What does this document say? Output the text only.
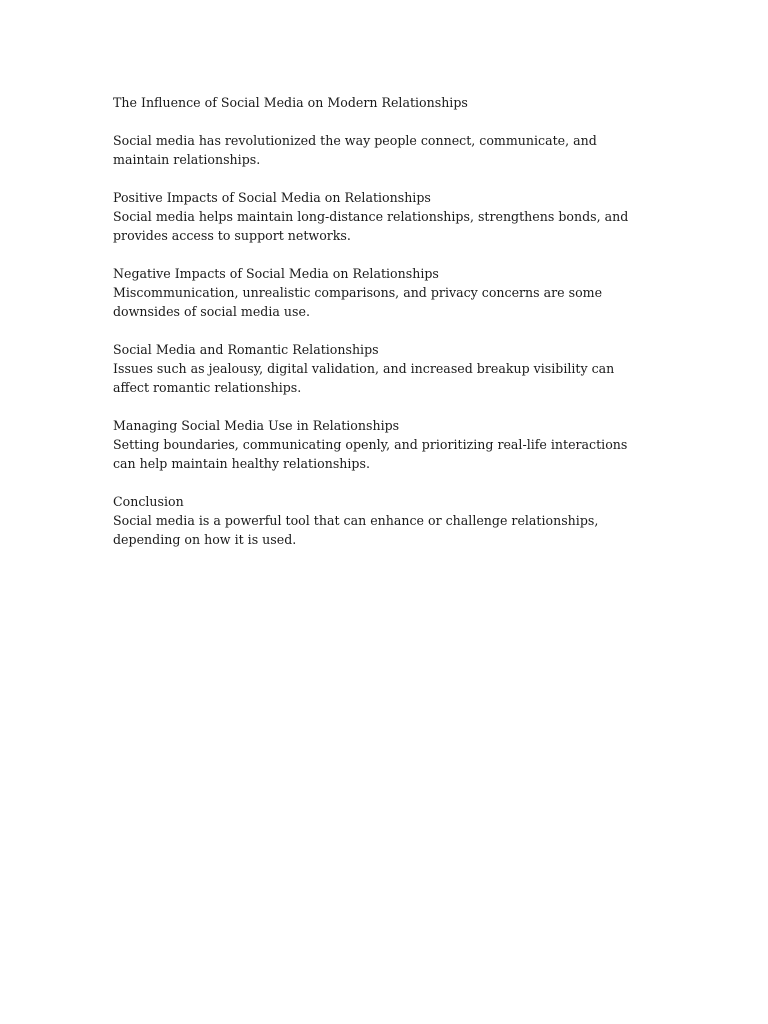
The Influence of Social Media on Modern Relationships

Social media has revolutionized the way people connect, communicate, and maintain relationships.

Positive Impacts of Social Media on Relationships
Social media helps maintain long-distance relationships, strengthens bonds, and provides access to support networks.
Negative Impacts of Social Media on Relationships
Miscommunication, unrealistic comparisons, and privacy concerns are some downsides of social media use.
Social Media and Romantic Relationships
Issues such as jealousy, digital validation, and increased breakup visibility can affect romantic relationships.
Managing Social Media Use in Relationships
Setting boundaries, communicating openly, and prioritizing real-life interactions can help maintain healthy relationships.
Conclusion
Social media is a powerful tool that can enhance or challenge relationships, depending on how it is used.
